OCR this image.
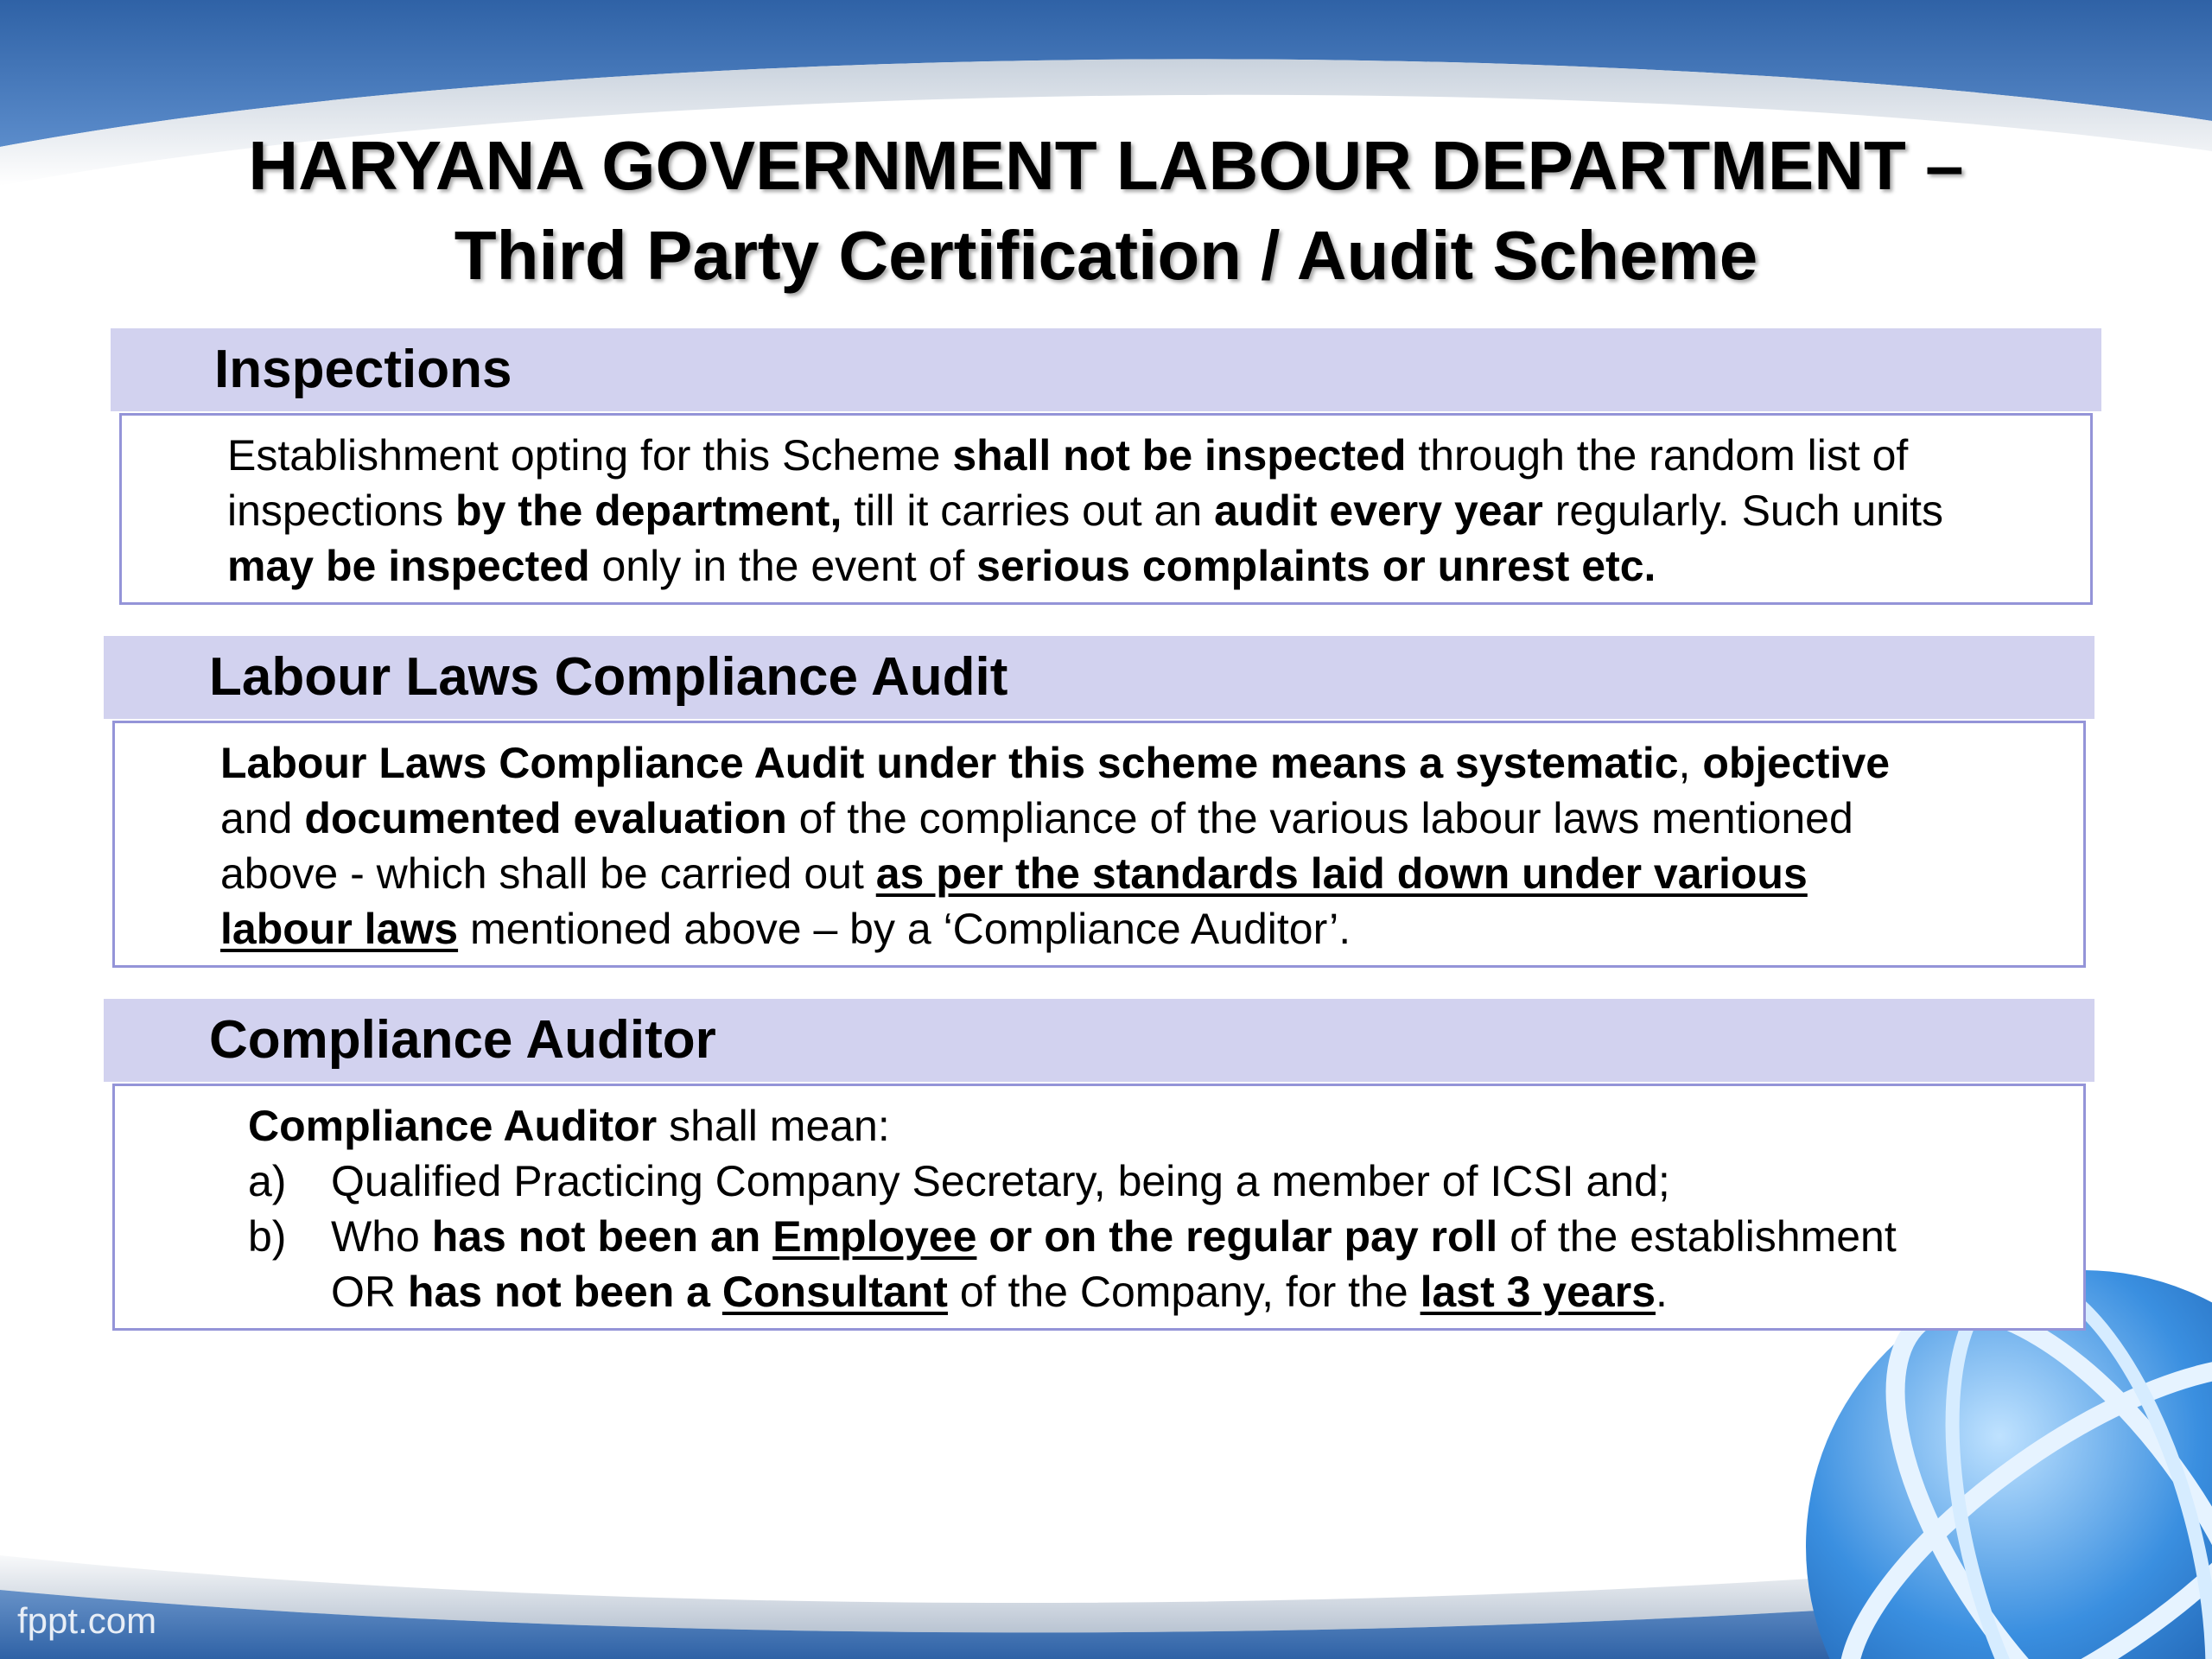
HARYANA GOVERNMENT LABOUR DEPARTMENT –
Third Party Certification / Audit Scheme
Inspections
Establishment opting for this Scheme shall not be inspected through the random list of
inspections by the department, till it carries out an audit every year regularly. Such units
may be inspected only in the event of serious complaints or unrest etc.
Labour Laws Compliance Audit
Labour Laws Compliance Audit under this scheme means a systematic, objective
and documented evaluation of the compliance of the various labour laws mentioned
above - which shall be carried out as per the standards laid down under various
labour laws mentioned above – by a ‘Compliance Auditor’.
Compliance Auditor
Compliance Auditor shall mean:
a) Qualified Practicing Company Secretary, being a member of ICSI and;
b) Who has not been an Employee or on the regular pay roll of the establishment
OR has not been a Consultant of the Company, for the last 3 years.
fppt.com
